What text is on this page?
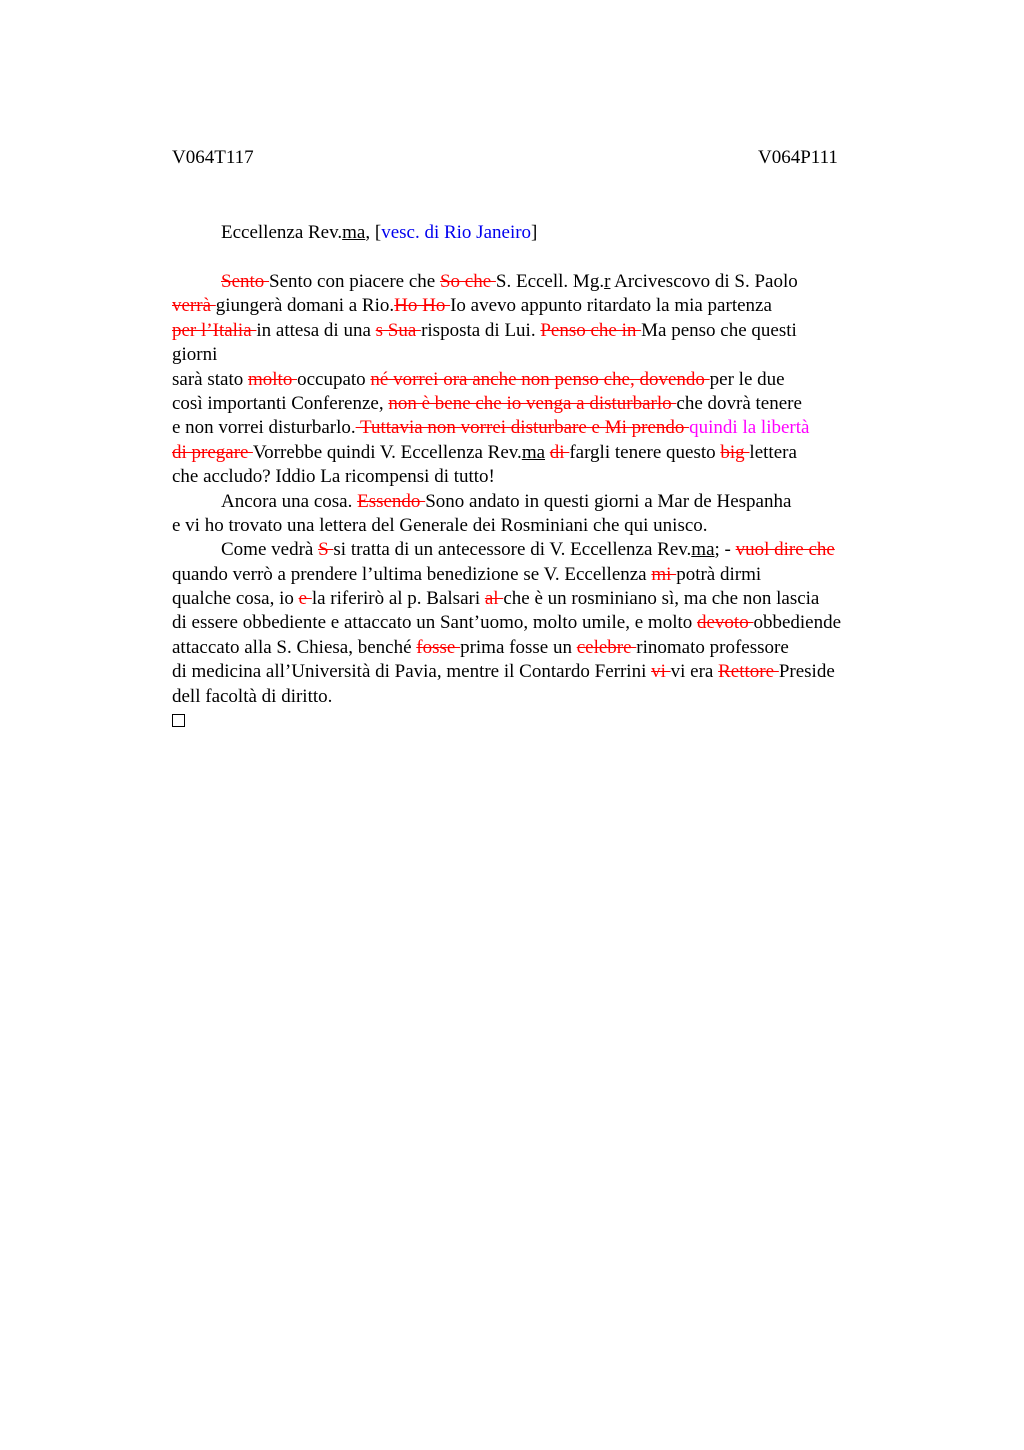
V064T117	V064P111
Eccellenza Rev.ma, [vesc. di Rio Janeiro]
Sento Sento con piacere che So che S. Eccell. Mg.r Arcivescovo di S. Paolo
verrà giungerà domani a Rio.Ho Ho Io avevo appunto ritardato la mia partenza
per l’Italia in attesa di una s Sua risposta di Lui. Penso che in Ma penso che questi
giorni
sarà stato molto occupato né vorrei ora anche non penso che, dovendo per le due
così importanti Conferenze, non è bene che io venga a disturbarlo che dovrà tenere
e non vorrei disturbarlo. Tuttavia non vorrei disturbare e Mi prendo quindi la libertà
di pregare Vorrebbe quindi V. Eccellenza Rev.ma di fargli tenere questo big lettera
che accludo? Iddio La ricompensi di tutto!
Ancora una cosa. Essendo Sono andato in questi giorni a Mar de Hespanha
e vi ho trovato una lettera del Generale dei Rosminiani che qui unisco.
Come vedrà S si tratta di un antecessore di V. Eccellenza Rev.ma; - vuol dire che
quando verrò a prendere l’ultima benedizione se V. Eccellenza mi potrà dirmi
qualche cosa, io e la riferirò al p. Balsari al che è un rosminiano sì, ma che non lascia
di essere obbediente e attaccato un Sant’uomo, molto umile, e molto devoto obbediende
attaccato alla S. Chiesa, benché fosse prima fosse un celebre rinomato professore
di medicina all’Università di Pavia, mentre il Contardo Ferrini vi vi era Rettore Preside
dell facoltà di diritto.
